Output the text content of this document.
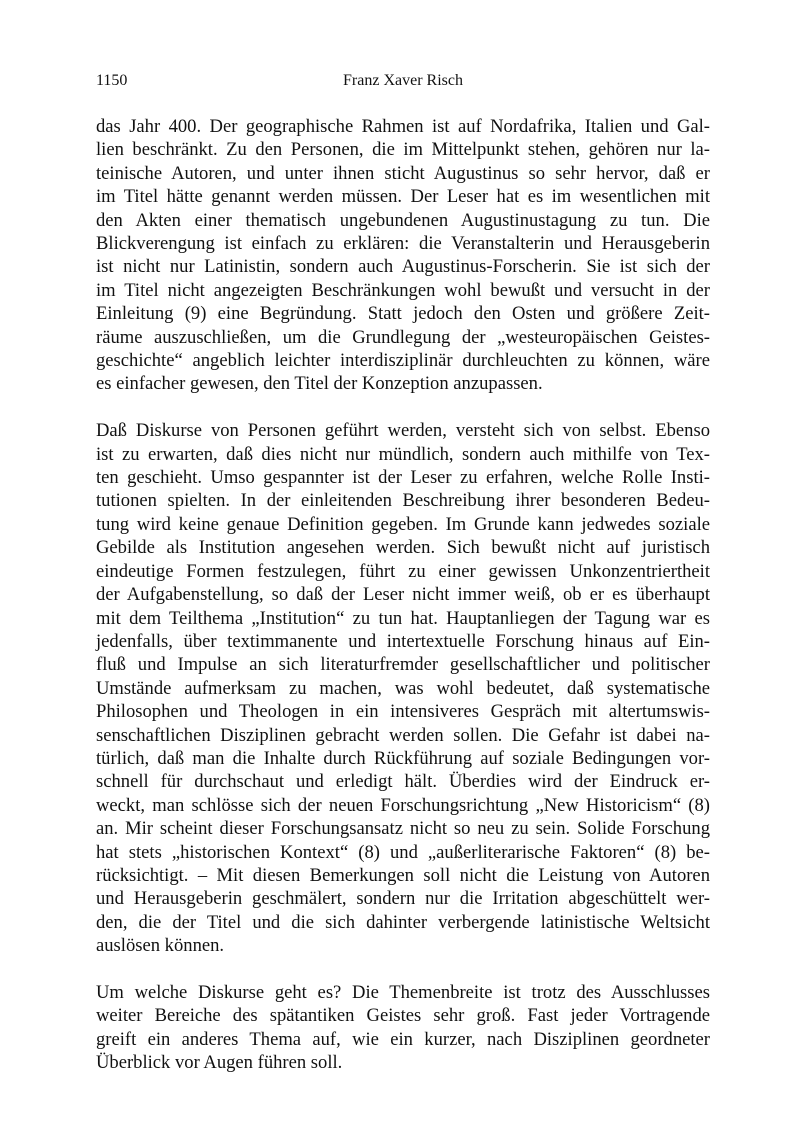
1150	Franz Xaver Risch

das Jahr 400. Der geographische Rahmen ist auf Nordafrika, Italien und Gal-
lien beschränkt. Zu den Personen, die im Mittelpunkt stehen, gehören nur la-
teinische Autoren, und unter ihnen sticht Augustinus so sehr hervor, daß er
im Titel hätte genannt werden müssen. Der Leser hat es im wesentlichen mit
den Akten einer thematisch ungebundenen Augustinustagung zu tun. Die
Blickverengung ist einfach zu erklären: die Veranstalterin und Herausgeberin
ist nicht nur Latinistin, sondern auch Augustinus-Forscherin. Sie ist sich der
im Titel nicht angezeigten Beschränkungen wohl bewußt und versucht in der
Einleitung (9) eine Begründung. Statt jedoch den Osten und größere Zeit-
räume auszuschließen, um die Grundlegung der „westeuropäischen Geistes-
geschichte“ angeblich leichter interdisziplinär durchleuchten zu können, wäre
es einfacher gewesen, den Titel der Konzeption anzupassen.

Daß Diskurse von Personen geführt werden, versteht sich von selbst. Ebenso
ist zu erwarten, daß dies nicht nur mündlich, sondern auch mithilfe von Tex-
ten geschieht. Umso gespannter ist der Leser zu erfahren, welche Rolle Insti-
tutionen spielten. In der einleitenden Beschreibung ihrer besonderen Bedeu-
tung wird keine genaue Definition gegeben. Im Grunde kann jedwedes soziale
Gebilde als Institution angesehen werden. Sich bewußt nicht auf juristisch
eindeutige Formen festzulegen, führt zu einer gewissen Unkonzentriertheit
der Aufgabenstellung, so daß der Leser nicht immer weiß, ob er es überhaupt
mit dem Teilthema „Institution“ zu tun hat. Hauptanliegen der Tagung war es
jedenfalls, über textimmanente und intertextuelle Forschung hinaus auf Ein-
fluß und Impulse an sich literaturfremder gesellschaftlicher und politischer
Umstände aufmerksam zu machen, was wohl bedeutet, daß systematische
Philosophen und Theologen in ein intensiveres Gespräch mit altertumswis-
senschaftlichen Disziplinen gebracht werden sollen. Die Gefahr ist dabei na-
türlich, daß man die Inhalte durch Rückführung auf soziale Bedingungen vor-
schnell für durchschaut und erledigt hält. Überdies wird der Eindruck er-
weckt, man schlösse sich der neuen Forschungsrichtung „New Historicism“ (8)
an. Mir scheint dieser Forschungsansatz nicht so neu zu sein. Solide Forschung
hat stets „historischen Kontext“ (8) und „außerliterarische Faktoren“ (8) be-
rücksichtigt. – Mit diesen Bemerkungen soll nicht die Leistung von Autoren
und Herausgeberin geschmälert, sondern nur die Irritation abgeschüttelt wer-
den, die der Titel und die sich dahinter verbergende latinistische Weltsicht
auslösen können.

Um welche Diskurse geht es? Die Themenbreite ist trotz des Ausschlusses
weiter Bereiche des spätantiken Geistes sehr groß. Fast jeder Vortragende
greift ein anderes Thema auf, wie ein kurzer, nach Disziplinen geordneter
Überblick vor Augen führen soll.
